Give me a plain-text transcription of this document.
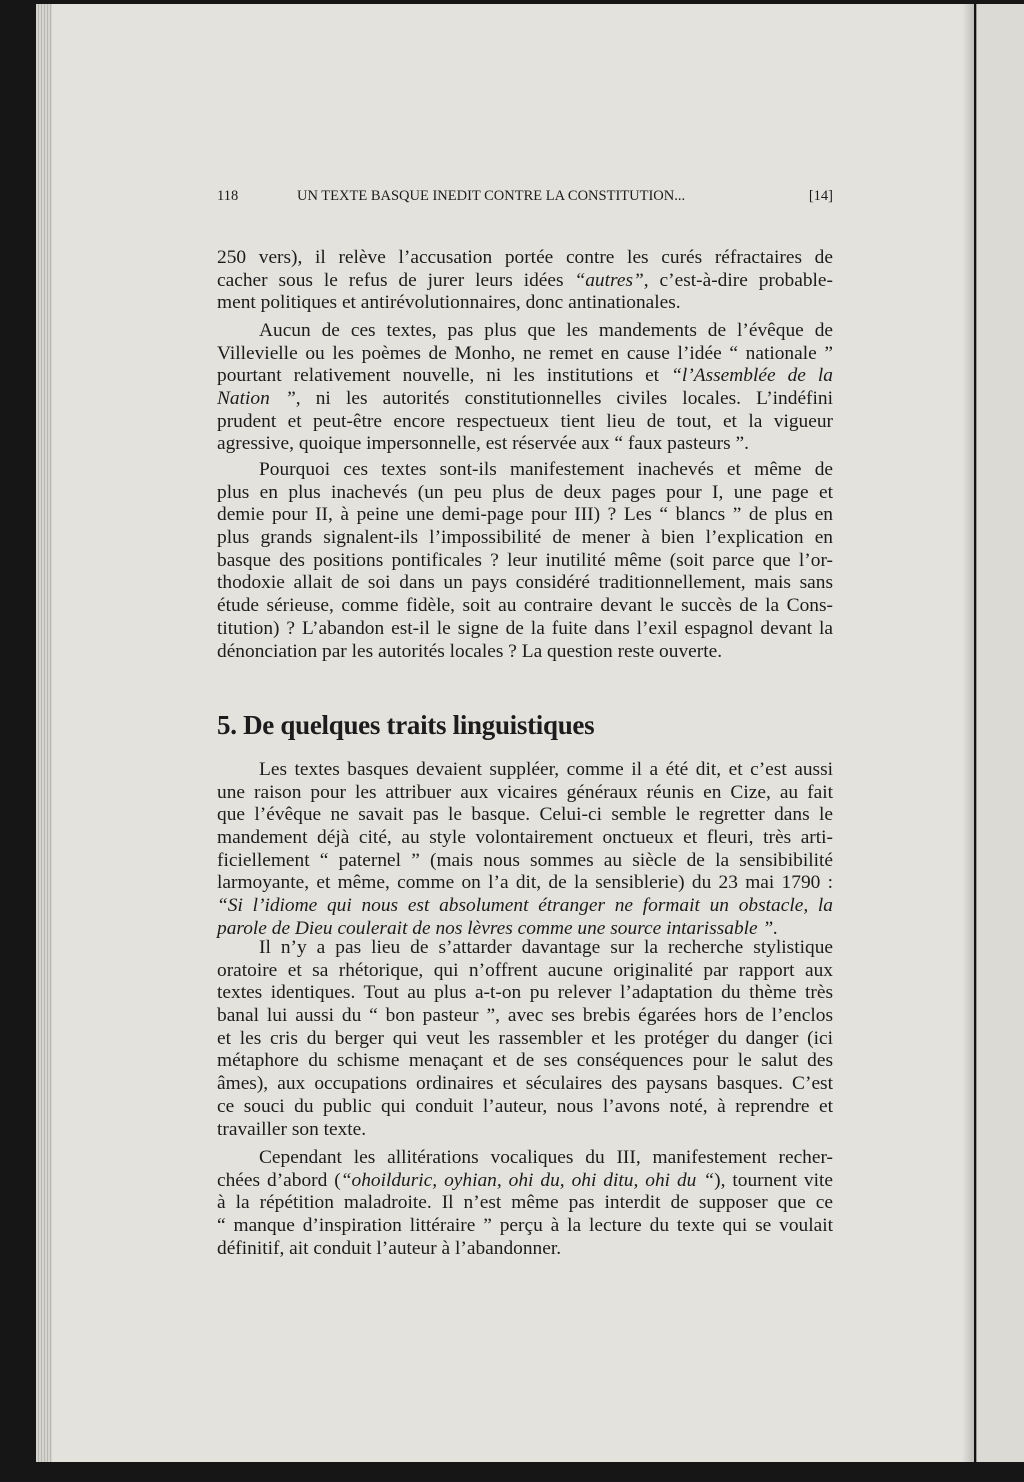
118	UN TEXTE BASQUE INEDIT CONTRE LA CONSTITUTION...	[14]
250 vers), il relève l’accusation portée contre les curés réfractaires de
cacher sous le refus de jurer leurs idées “autres”, c’est-à-dire probable-
ment politiques et antirévolutionnaires, donc antinationales.
Aucun de ces textes, pas plus que les mandements de l’évêque de
Villevielle ou les poèmes de Monho, ne remet en cause l’idée “ nationale ”
pourtant relativement nouvelle, ni les institutions et “l’Assemblée de la
Nation ”, ni les autorités constitutionnelles civiles locales. L’indéfini
prudent et peut-être encore respectueux tient lieu de tout, et la vigueur
agressive, quoique impersonnelle, est réservée aux “ faux pasteurs ”.
Pourquoi ces textes sont-ils manifestement inachevés et même de
plus en plus inachevés (un peu plus de deux pages pour I, une page et
demie pour II, à peine une demi-page pour III) ? Les “ blancs ” de plus en
plus grands signalent-ils l’impossibilité de mener à bien l’explication en
basque des positions pontificales ? leur inutilité même (soit parce que l’or-
thodoxie allait de soi dans un pays considéré traditionnellement, mais sans
étude sérieuse, comme fidèle, soit au contraire devant le succès de la Cons-
titution) ? L’abandon est-il le signe de la fuite dans l’exil espagnol devant la
dénonciation par les autorités locales ? La question reste ouverte.
5. De quelques traits linguistiques
Les textes basques devaient suppléer, comme il a été dit, et c’est aussi
une raison pour les attribuer aux vicaires généraux réunis en Cize, au fait
que l’évêque ne savait pas le basque. Celui-ci semble le regretter dans le
mandement déjà cité, au style volontairement onctueux et fleuri, très arti-
ficiellement “ paternel ” (mais nous sommes au siècle de la sensibibilité
larmoyante, et même, comme on l’a dit, de la sensiblerie) du 23 mai 1790 :
“Si l’idiome qui nous est absolument étranger ne formait un obstacle, la
parole de Dieu coulerait de nos lèvres comme une source intarissable ”.
Il n’y a pas lieu de s’attarder davantage sur la recherche stylistique
oratoire et sa rhétorique, qui n’offrent aucune originalité par rapport aux
textes identiques. Tout au plus a-t-on pu relever l’adaptation du thème très
banal lui aussi du “ bon pasteur ”, avec ses brebis égarées hors de l’enclos
et les cris du berger qui veut les rassembler et les protéger du danger (ici
métaphore du schisme menaçant et de ses conséquences pour le salut des
âmes), aux occupations ordinaires et séculaires des paysans basques. C’est
ce souci du public qui conduit l’auteur, nous l’avons noté, à reprendre et
travailler son texte.
Cependant les allitérations vocaliques du III, manifestement recher-
chées d’abord (“ohoilduric, oyhian, ohi du, ohi ditu, ohi du “), tournent vite
à la répétition maladroite. Il n’est même pas interdit de supposer que ce
“ manque d’inspiration littéraire ” perçu à la lecture du texte qui se voulait
définitif, ait conduit l’auteur à l’abandonner.
